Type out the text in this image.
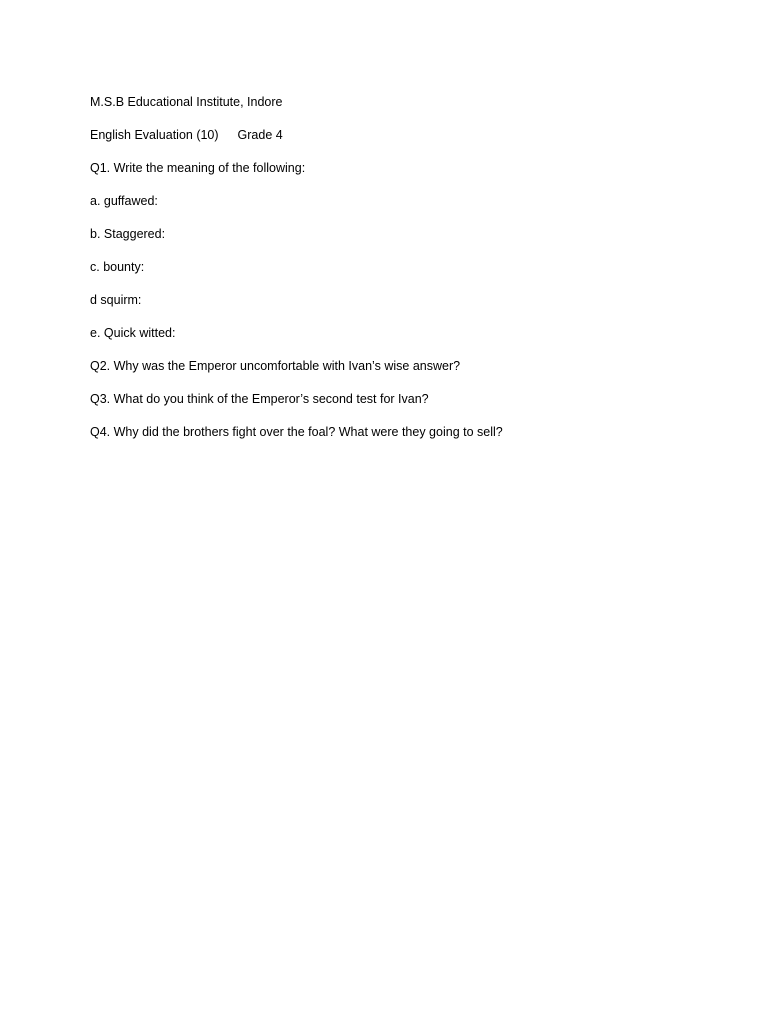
M.S.B Educational Institute, Indore
English Evaluation (10) Grade 4
Q1. Write the meaning of the following:
a. guffawed:
b. Staggered:
c. bounty:
d squirm:
e. Quick witted:
Q2. Why was the Emperor uncomfortable with Ivan’s wise answer?
Q3. What do you think of the Emperor’s second test for Ivan?
Q4. Why did the brothers fight over the foal? What were they going to sell?
